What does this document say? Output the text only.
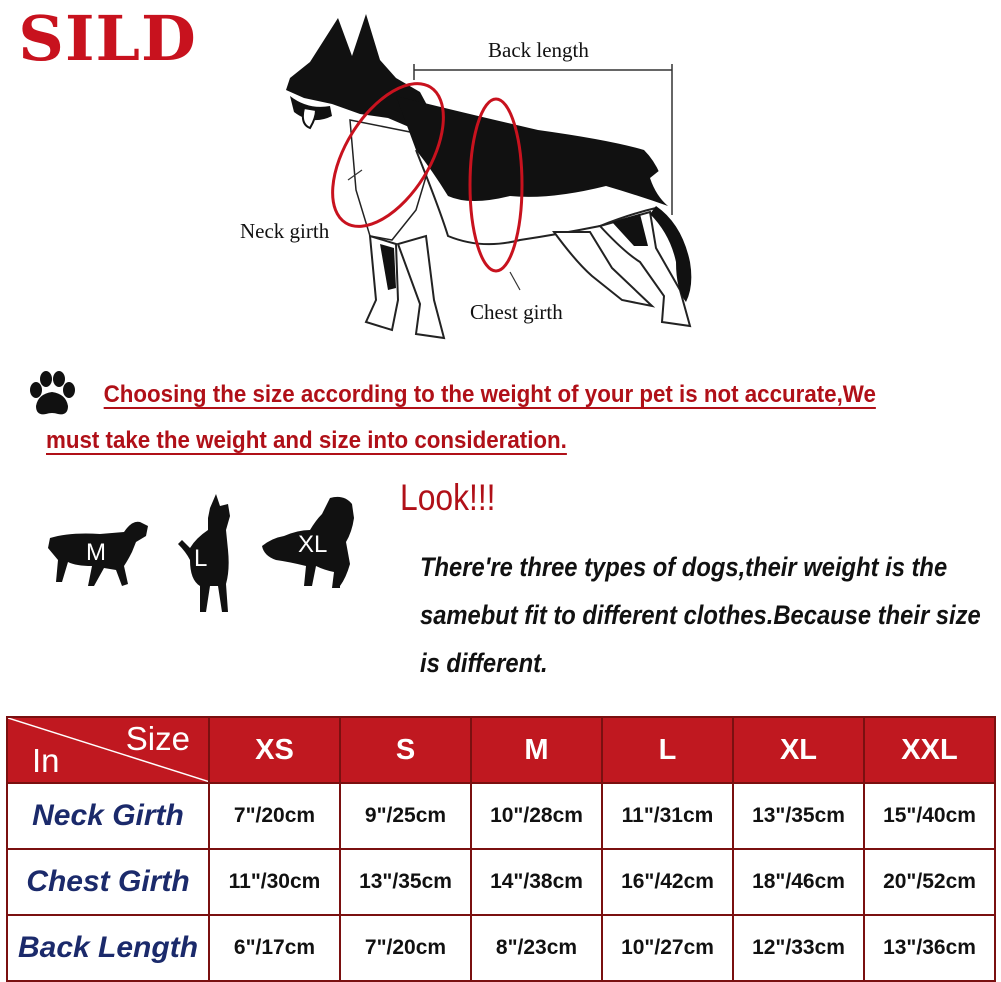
SILD	Back length
Neck girth
Chest girth
Choosing the size according to the weight of your pet is not accurate,We must take the weight and size into consideration.
M	L
XL
Look!!!
There're three types of dogs,their weight is the samebut fit to different clothes.Because their size is different.
Size
In	XS	S	M	L	XL	XXL
Neck Girth	7"/20cm	9"/25cm	10"/28cm	11"/31cm	13"/35cm	15"/40cm
Chest Girth	11"/30cm	13"/35cm	14"/38cm	16"/42cm	18"/46cm	20"/52cm
Back Length	6"/17cm	7"/20cm	8"/23cm	10"/27cm	12"/33cm	13"/36cm
